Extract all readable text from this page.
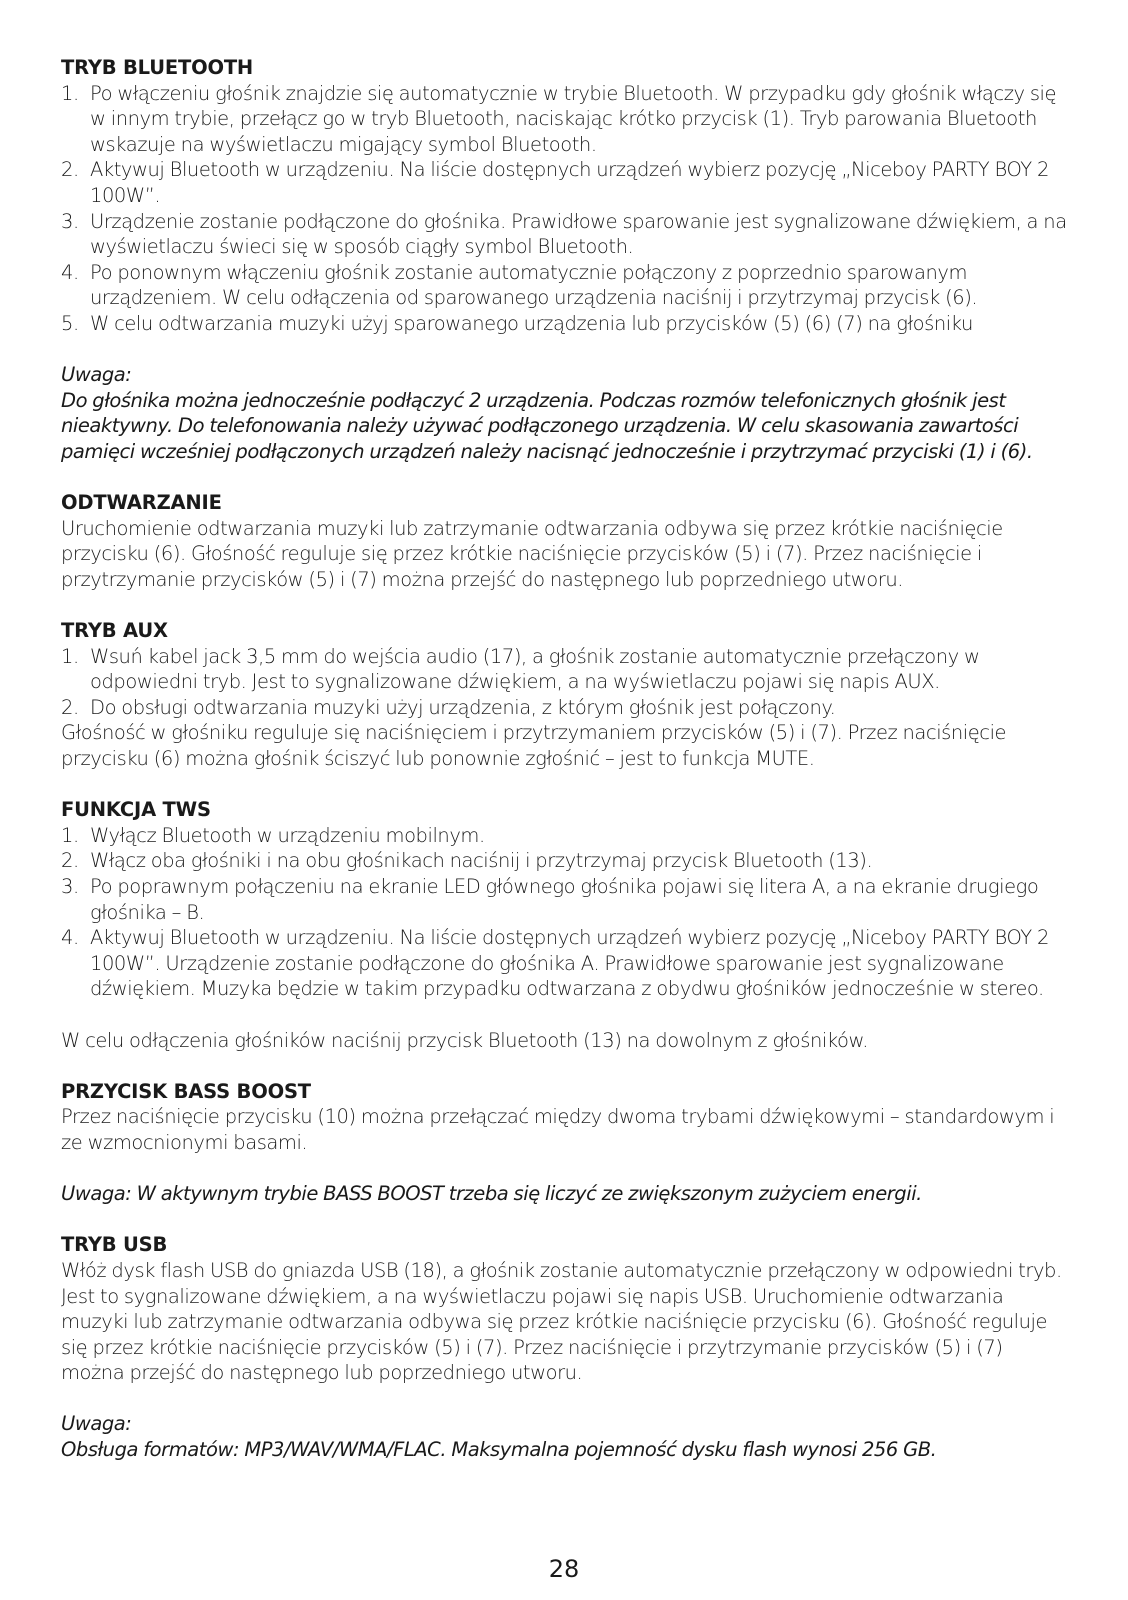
TRYB BLUETOOTH
1. Po włączeniu głośnik znajdzie się automatycznie w trybie Bluetooth. W przypadku gdy głośnik włączy się w innym trybie, przełącz go w tryb Bluetooth, naciskając krótko przycisk (1). Tryb parowania Bluetooth wskazuje na wyświetlaczu migający symbol Bluetooth.
2. Aktywuj Bluetooth w urządzeniu. Na liście dostępnych urządzeń wybierz pozycję „Niceboy PARTY BOY 2 100W”.
3. Urządzenie zostanie podłączone do głośnika. Prawidłowe sparowanie jest sygnalizowane dźwiękiem, a na wyświetlaczu świeci się w sposób ciągły symbol Bluetooth.
4. Po ponownym włączeniu głośnik zostanie automatycznie połączony z poprzednio sparowanym urządzeniem. W celu odłączenia od sparowanego urządzenia naciśnij i przytrzymaj przycisk (6).
5. W celu odtwarzania muzyki użyj sparowanego urządzenia lub przycisków (5) (6) (7) na głośniku

Uwaga:

Do głośnika można jednocześnie podłączyć 2 urządzenia. Podczas rozmów telefonicznych głośnik jest nieaktywny. Do telefonowania należy używać podłączonego urządzenia. W celu skasowania zawartości pamięci wcześniej podłączonych urządzeń należy nacisnąć jednocześnie i przytrzymać przyciski (1) i (6).

ODTWARZANIE

Uruchomienie odtwarzania muzyki lub zatrzymanie odtwarzania odbywa się przez krótkie naciśnięcie przycisku (6). Głośność reguluje się przez krótkie naciśnięcie przycisków (5) i (7). Przez naciśnięcie i przytrzymanie przycisków (5) i (7) można przejść do następnego lub poprzedniego utworu.

TRYB AUX
1. Wsuń kabel jack 3,5 mm do wejścia audio (17), a głośnik zostanie automatycznie przełączony w odpowiedni tryb. Jest to sygnalizowane dźwiękiem, a na wyświetlaczu pojawi się napis AUX.
2. Do obsługi odtwarzania muzyki użyj urządzenia, z którym głośnik jest połączony.

Głośność w głośniku reguluje się naciśnięciem i przytrzymaniem przycisków (5) i (7). Przez naciśnięcie przycisku (6) można głośnik ściszyć lub ponownie zgłośnić – jest to funkcja MUTE.

FUNKCJA TWS
1. Wyłącz Bluetooth w urządzeniu mobilnym.
2. Włącz oba głośniki i na obu głośnikach naciśnij i przytrzymaj przycisk Bluetooth (13).
3. Po poprawnym połączeniu na ekranie LED głównego głośnika pojawi się litera A, a na ekranie drugiego głośnika – B.
4. Aktywuj Bluetooth w urządzeniu. Na liście dostępnych urządzeń wybierz pozycję „Niceboy PARTY BOY 2 100W”. Urządzenie zostanie podłączone do głośnika A. Prawidłowe sparowanie jest sygnalizowane dźwiękiem. Muzyka będzie w takim przypadku odtwarzana z obydwu głośników jednocześnie w stereo.

W celu odłączenia głośników naciśnij przycisk Bluetooth (13) na dowolnym z głośników.

PRZYCISK BASS BOOST

Przez naciśnięcie przycisku (10) można przełączać między dwoma trybami dźwiękowymi – standardowym i ze wzmocnionymi basami.

Uwaga: W aktywnym trybie BASS BOOST trzeba się liczyć ze zwiększonym zużyciem energii.

TRYB USB

Włóż dysk flash USB do gniazda USB (18), a głośnik zostanie automatycznie przełączony w odpowiedni tryb. Jest to sygnalizowane dźwiękiem, a na wyświetlaczu pojawi się napis USB. Uruchomienie odtwarzania muzyki lub zatrzymanie odtwarzania odbywa się przez krótkie naciśnięcie przycisku (6). Głośność reguluje się przez krótkie naciśnięcie przycisków (5) i (7). Przez naciśnięcie i przytrzymanie przycisków (5) i (7) można przejść do następnego lub poprzedniego utworu.

Uwaga:

Obsługa formatów: MP3/WAV/WMA/FLAC. Maksymalna pojemność dysku flash wynosi 256 GB.

28
